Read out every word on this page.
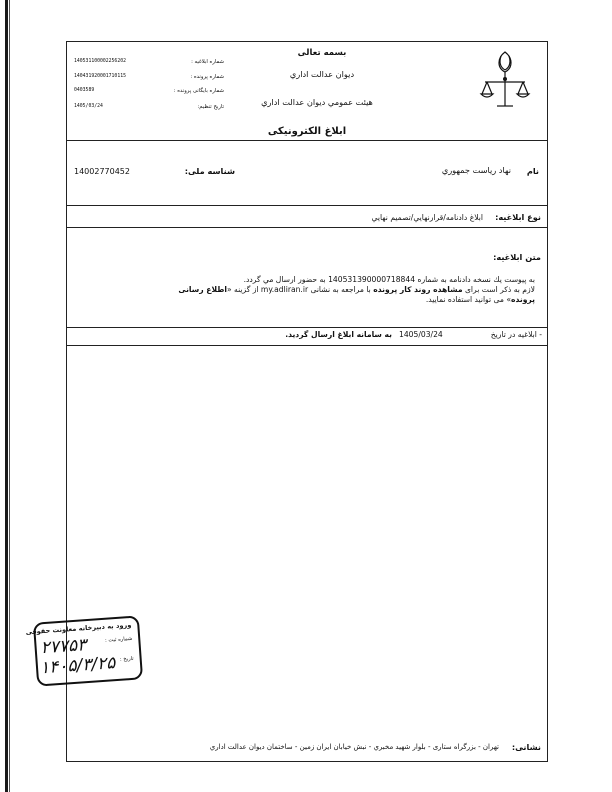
140531100002256202	شماره ابلاغيه :
140431920001710115	شماره پرونده :
0403589	شماره بایگانی پرونده :
1405/03/24	تاریخ تنظیم:
بسمه تعالی
دیوان عدالت اداري
هيئت عمومي ديوان عدالت اداري
ابلاغ الكترونيكی
نام
نهاد رياست جمهوري
شناسه ملی:
14002770452
نوع ابلاغيه:
ابلاغ دادنامه/قرارنهايي/تصميم نهايي
متن ابلاغيه:
به پيوست يك نسخه دادنامه به شماره 140531390000718844 به حضور ارسال مي گردد.
لازم به ذکر است برای مشاهده روند کار پرونده با مراجعه به نشانی my.adliran.ir از گزينه «اطلاع رسانی
پرونده» می توانيد استفاده نماييد.
- ابلاغيه در تاريخ
1405/03/24
به سامانه ابلاغ ارسال گرديد.
نشانی:
تهران - بزرگراه ستاری - بلوار شهيد مخبري - نبش خيابان ايران زمين - ساختمان ديوان عدالت اداري
ورود به دبیرخانه معاونت حقوقی
شماره ثبت :
۲۷۷۵۳
تاریخ :
۱۴۰۵/۳/۲۵
